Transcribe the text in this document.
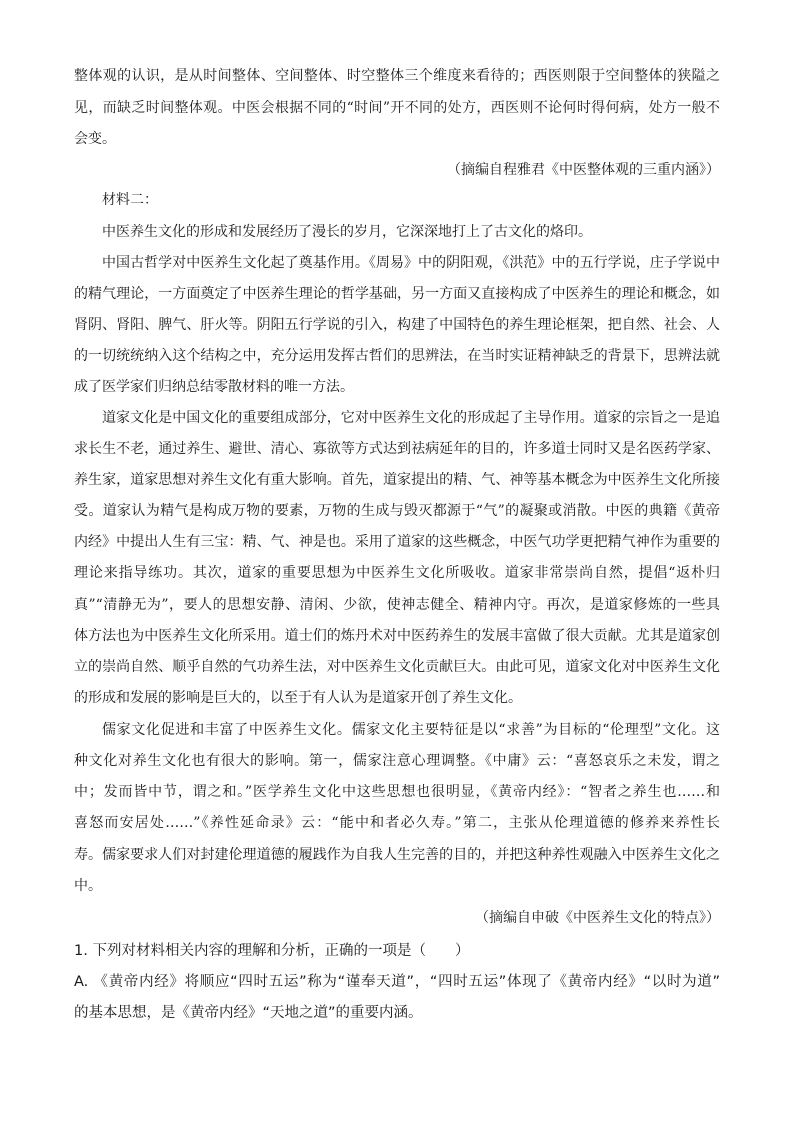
整体观的认识，是从时间整体、空间整体、时空整体三个维度来看待的；西医则限于空间整体的狭隘之
见，而缺乏时间整体观。中医会根据不同的“时间”开不同的处方，西医则不论何时得何病，处方一般不
会变。
（摘编自程雅君《中医整体观的三重内涵》）
材料二：
中医养生文化的形成和发展经历了漫长的岁月，它深深地打上了古文化的烙印。
中国古哲学对中医养生文化起了奠基作用。《周易》中的阴阳观，《洪范》中的五行学说，庄子学说中
的精气理论，一方面奠定了中医养生理论的哲学基础，另一方面又直接构成了中医养生的理论和概念，如
肾阴、肾阳、脾气、肝火等。阴阳五行学说的引入，构建了中国特色的养生理论框架，把自然、社会、人
的一切统统纳入这个结构之中，充分运用发挥古哲们的思辨法，在当时实证精神缺乏的背景下，思辨法就
成了医学家们归纳总结零散材料的唯一方法。
道家文化是中国文化的重要组成部分，它对中医养生文化的形成起了主导作用。道家的宗旨之一是追
求长生不老，通过养生、避世、清心、寡欲等方式达到祛病延年的目的，许多道士同时又是名医药学家、
养生家，道家思想对养生文化有重大影响。首先，道家提出的精、气、神等基本概念为中医养生文化所接
受。道家认为精气是构成万物的要素，万物的生成与毁灭都源于“气”的凝聚或消散。中医的典籍《黄帝
内经》中提出人生有三宝：精、气、神是也。采用了道家的这些概念，中医气功学更把精气神作为重要的
理论来指导练功。其次，道家的重要思想为中医养生文化所吸收。道家非常崇尚自然，提倡“返朴归
真”“清静无为”，要人的思想安静、清闲、少欲，使神志健全、精神内守。再次，是道家修炼的一些具
体方法也为中医养生文化所采用。道士们的炼丹术对中医药养生的发展丰富做了很大贡献。尤其是道家创
立的崇尚自然、顺乎自然的气功养生法，对中医养生文化贡献巨大。由此可见，道家文化对中医养生文化
的形成和发展的影响是巨大的，以至于有人认为是道家开创了养生文化。
儒家文化促进和丰富了中医养生文化。儒家文化主要特征是以“求善”为目标的“伦理型”文化。这
种文化对养生文化也有很大的影响。第一，儒家注意心理调整。《中庸》云：“喜怒哀乐之未发，谓之
中；发而皆中节，谓之和。”医学养生文化中这些思想也很明显，《黄帝内经》：“智者之养生也……和
喜怒而安居处……”《养性延命录》云：“能中和者必久寿。”第二，主张从伦理道德的修养来养性长
寿。儒家要求人们对封建伦理道德的履践作为自我人生完善的目的，并把这种养性观融入中医养生文化之
中。
（摘编自申破《中医养生文化的特点》）
1. 下列对材料相关内容的理解和分析，正确的一项是（　　）
A. 《黄帝内经》将顺应“四时五运”称为“谨奉天道”，“四时五运”体现了《黄帝内经》“以时为道”
的基本思想，是《黄帝内经》“天地之道”的重要内涵。
